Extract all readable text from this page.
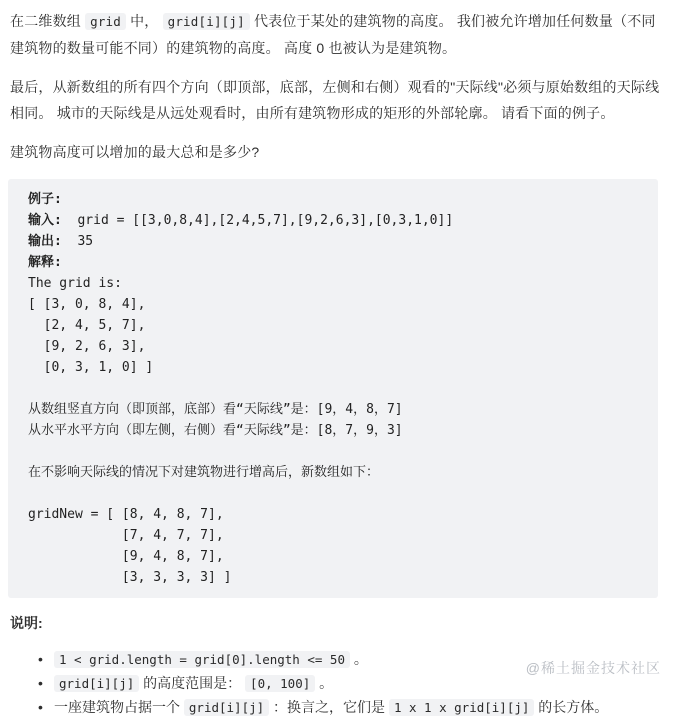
在二维数组 grid 中， grid[i][j] 代表位于某处的建筑物的高度。 我们被允许增加任何数量（不同建筑物的数量可能不同）的建筑物的高度。 高度 0 也被认为是建筑物。
最后，从新数组的所有四个方向（即顶部，底部，左侧和右侧）观看的"天际线"必须与原始数组的天际线相同。 城市的天际线是从远处观看时，由所有建筑物形成的矩形的外部轮廓。 请看下面的例子。
建筑物高度可以增加的最大总和是多少?
例子:
输入:  grid = [[3,0,8,4],[2,4,5,7],[9,2,6,3],[0,3,1,0]]
输出:  35
解释:
The grid is:
[ [3, 0, 8, 4],
[2, 4, 5, 7],
[9, 2, 6, 3],
[0, 3, 1, 0] ]
从数组竖直方向（即顶部，底部）看“天际线”是：[9，4，8，7]
从水平水平方向（即左侧，右侧）看“天际线”是：[8，7，9，3]
在不影响天际线的情况下对建筑物进行增高后，新数组如下：
gridNew = [ [8, 4, 8, 7],
[7, 4, 7, 7],
[9, 4, 8, 7],
[3, 3, 3, 3] ]
说明:
• 1 < grid.length = grid[0].length <= 50 。
• grid[i][j] 的高度范围是： [0, 100] 。
• 一座建筑物占据一个 grid[i][j] ：换言之，它们是 1 x 1 x grid[i][j] 的长方体。
@稀土掘金技术社区
